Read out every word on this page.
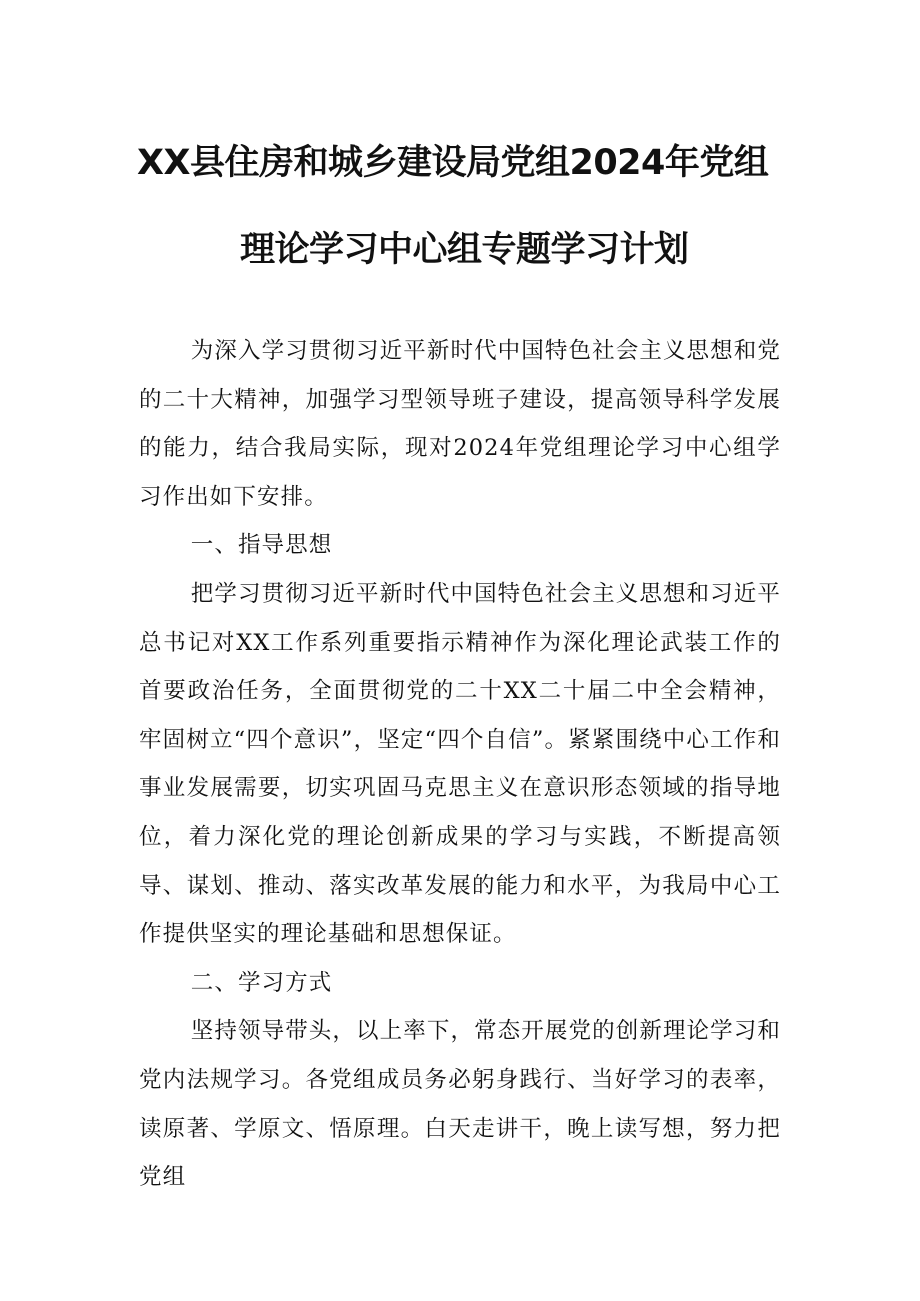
XX县住房和城乡建设局党组2024年党组
理论学习中心组专题学习计划

为深入学习贯彻习近平新时代中国特色社会主义思想和党的二十大精神，加强学习型领导班子建设，提高领导科学发展的能力，结合我局实际，现对2024年党组理论学习中心组学习作出如下安排。

一、指导思想

把学习贯彻习近平新时代中国特色社会主义思想和习近平总书记对XX工作系列重要指示精神作为深化理论武装工作的首要政治任务，全面贯彻党的二十XX二十届二中全会精神，牢固树立“四个意识”，坚定“四个自信”。紧紧围绕中心工作和事业发展需要，切实巩固马克思主义在意识形态领域的指导地位，着力深化党的理论创新成果的学习与实践，不断提高领导、谋划、推动、落实改革发展的能力和水平，为我局中心工作提供坚实的理论基础和思想保证。

二、学习方式

坚持领导带头，以上率下，常态开展党的创新理论学习和党内法规学习。各党组成员务必躬身践行、当好学习的表率，读原著、学原文、悟原理。白天走讲干，晚上读写想，努力把党组
